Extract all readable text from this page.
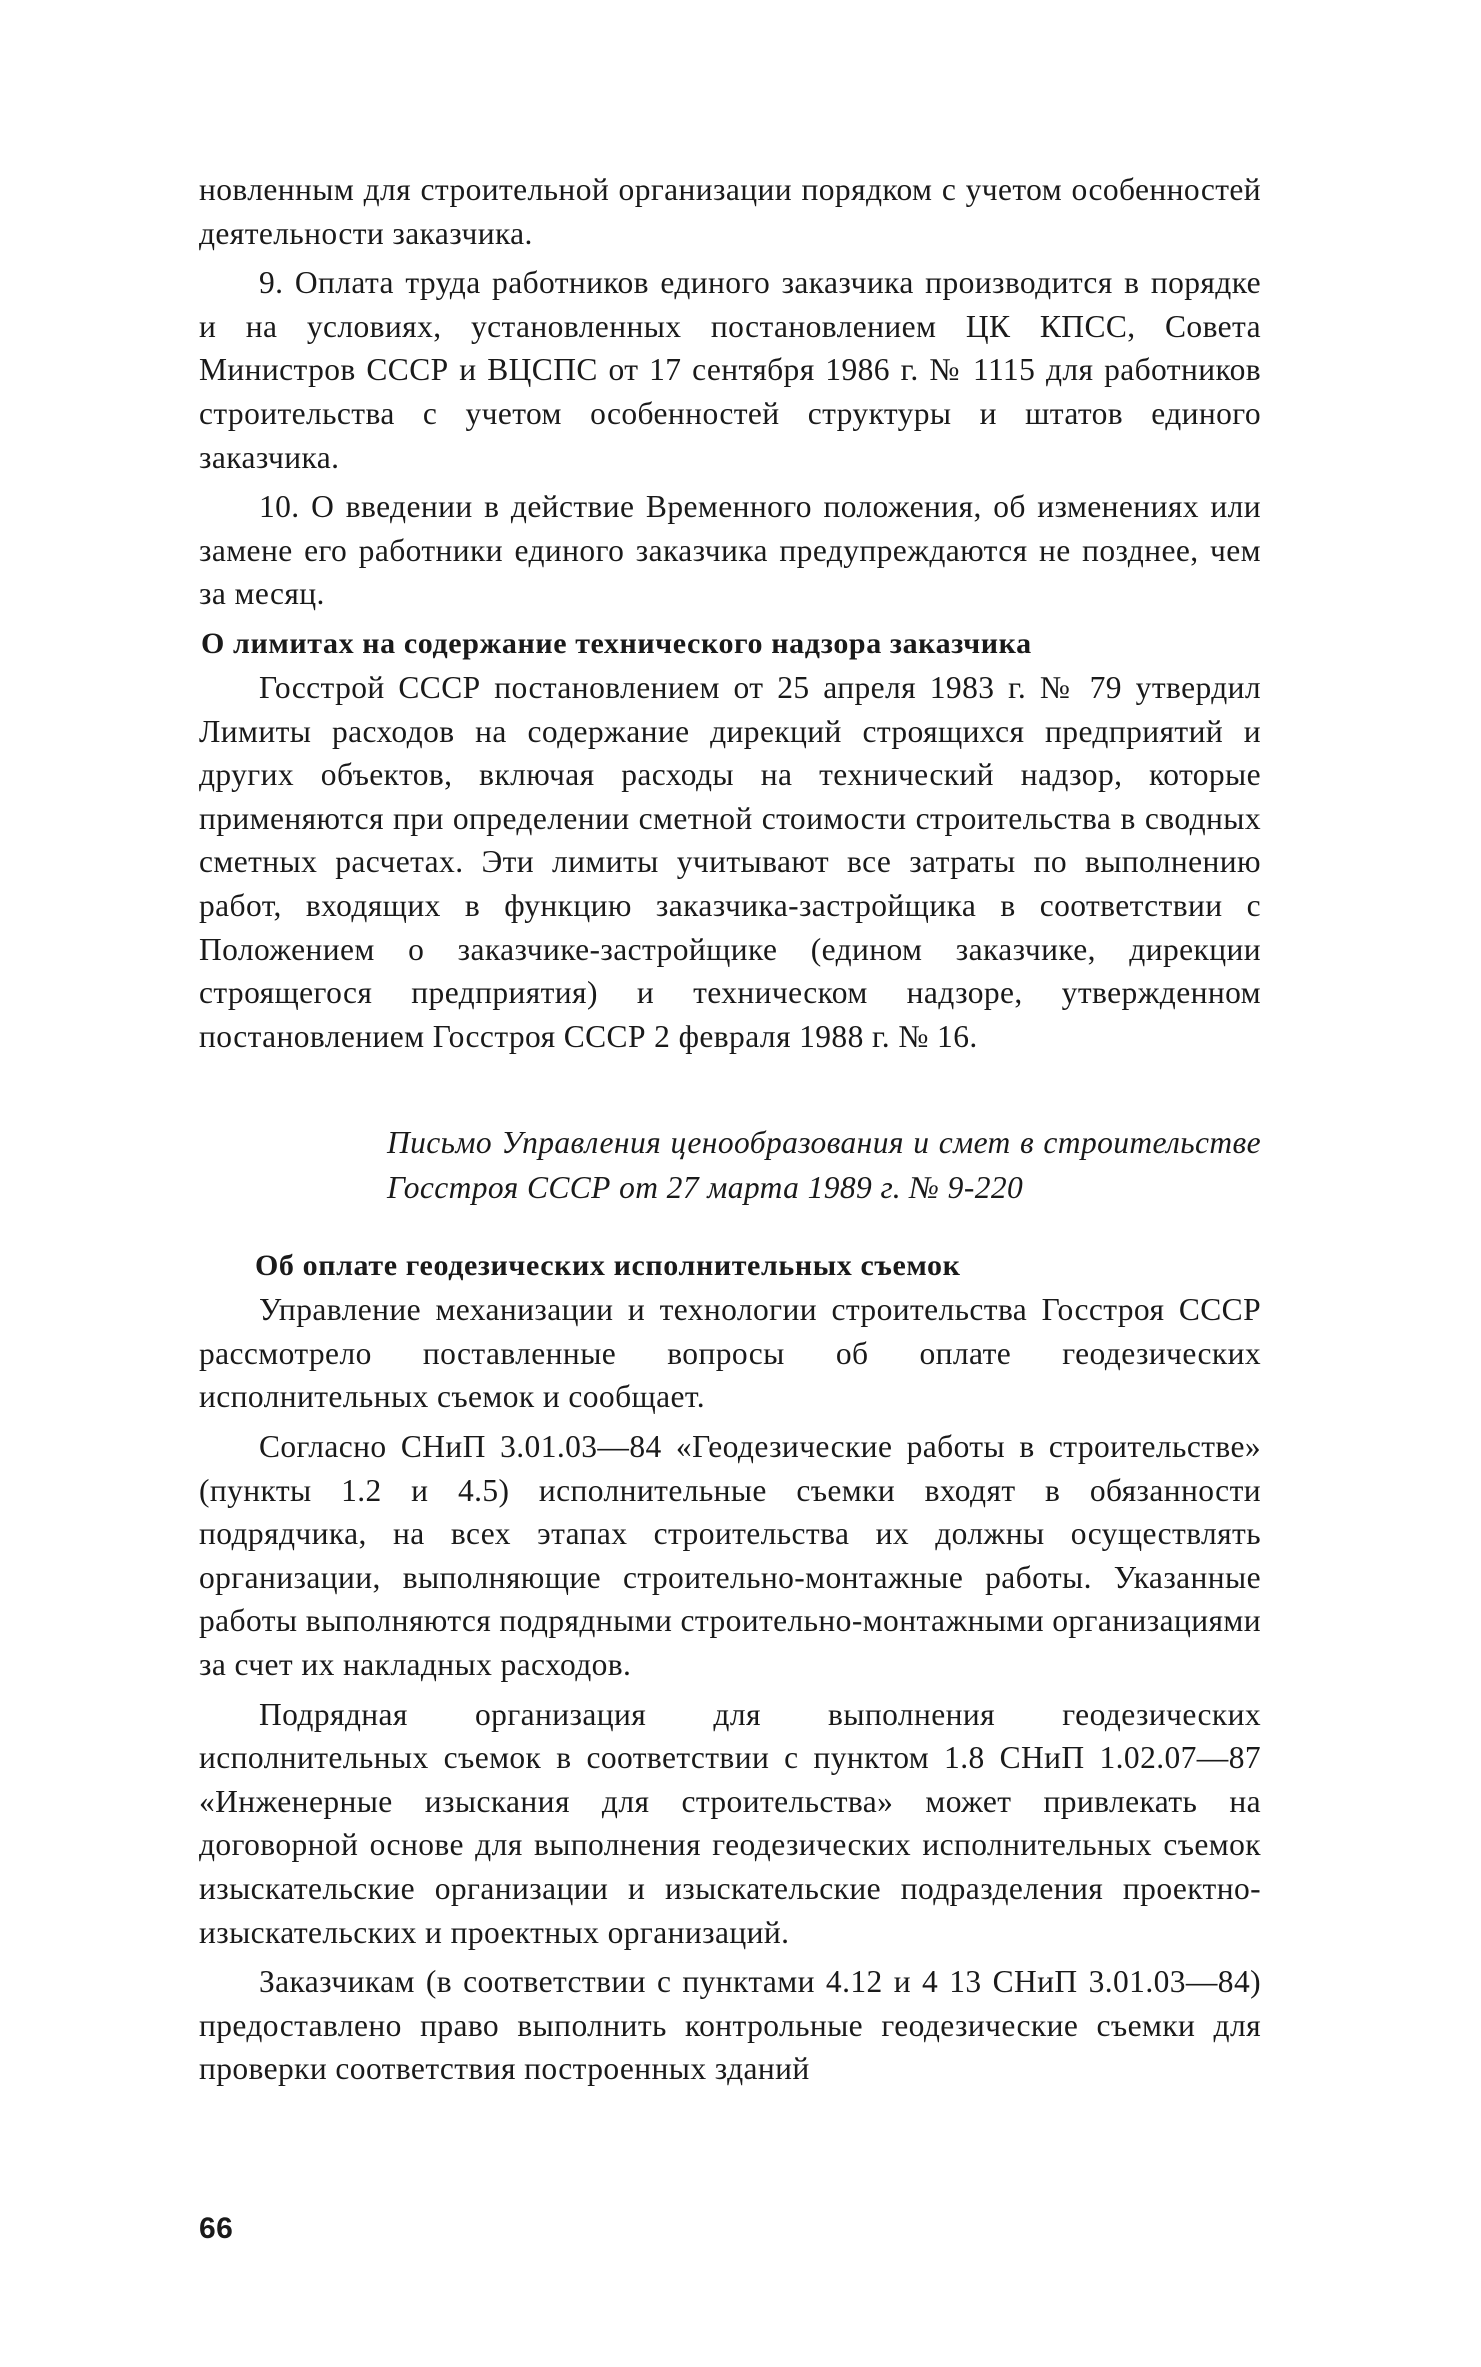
новленным для строительной организации порядком с учетом особенностей деятельности заказчика.

9. Оплата труда работников единого заказчика производится в порядке и на условиях, установленных постановлением ЦК КПСС, Совета Министров СССР и ВЦСПС от 17 сентября 1986 г. № 1115 для работников строительства с учетом особенностей структуры и штатов единого заказчика.

10. О введении в действие Временного положения, об изменениях или замене его работники единого заказчика предупреждаются не позднее, чем за месяц.

О лимитах на содержание технического надзора заказчика

Госстрой СССР постановлением от 25 апреля 1983 г. № 79 утвердил Лимиты расходов на содержание дирекций строящихся предприятий и других объектов, включая расходы на технический надзор, которые применяются при определении сметной стоимости строительства в сводных сметных расчетах. Эти лимиты учитывают все затраты по выполнению работ, входящих в функцию заказчика-застройщика в соответствии с Положением о заказчике-застройщике (едином заказчике, дирекции строящегося предприятия) и техническом надзоре, утвержденном постановлением Госстроя СССР 2 февраля 1988 г. № 16.

Письмо Управления ценообразования и смет в строительстве Госстроя СССР от 27 марта 1989 г. № 9-220
Об оплате геодезических исполнительных съемок

Управление механизации и технологии строительства Госстроя СССР рассмотрело поставленные вопросы об оплате геодезических исполнительных съемок и сообщает.

Согласно СНиП 3.01.03—84 «Геодезические работы в строительстве» (пункты 1.2 и 4.5) исполнительные съемки входят в обязанности подрядчика, на всех этапах строительства их должны осуществлять организации, выполняющие строительно-монтажные работы. Указанные работы выполняются подрядными строительно-монтажными организациями за счет их накладных расходов.

Подрядная организация для выполнения геодезических исполнительных съемок в соответствии с пунктом 1.8 СНиП 1.02.07—87 «Инженерные изыскания для строительства» может привлекать на договорной основе для выполнения геодезических исполнительных съемок изыскательские организации и изыскательские подразделения проектно-изыскательских и проектных организаций.

Заказчикам (в соответствии с пунктами 4.12 и 4 13 СНиП 3.01.03—84) предоставлено право выполнить контрольные геодезические съемки для проверки соответствия построенных зданий

66
